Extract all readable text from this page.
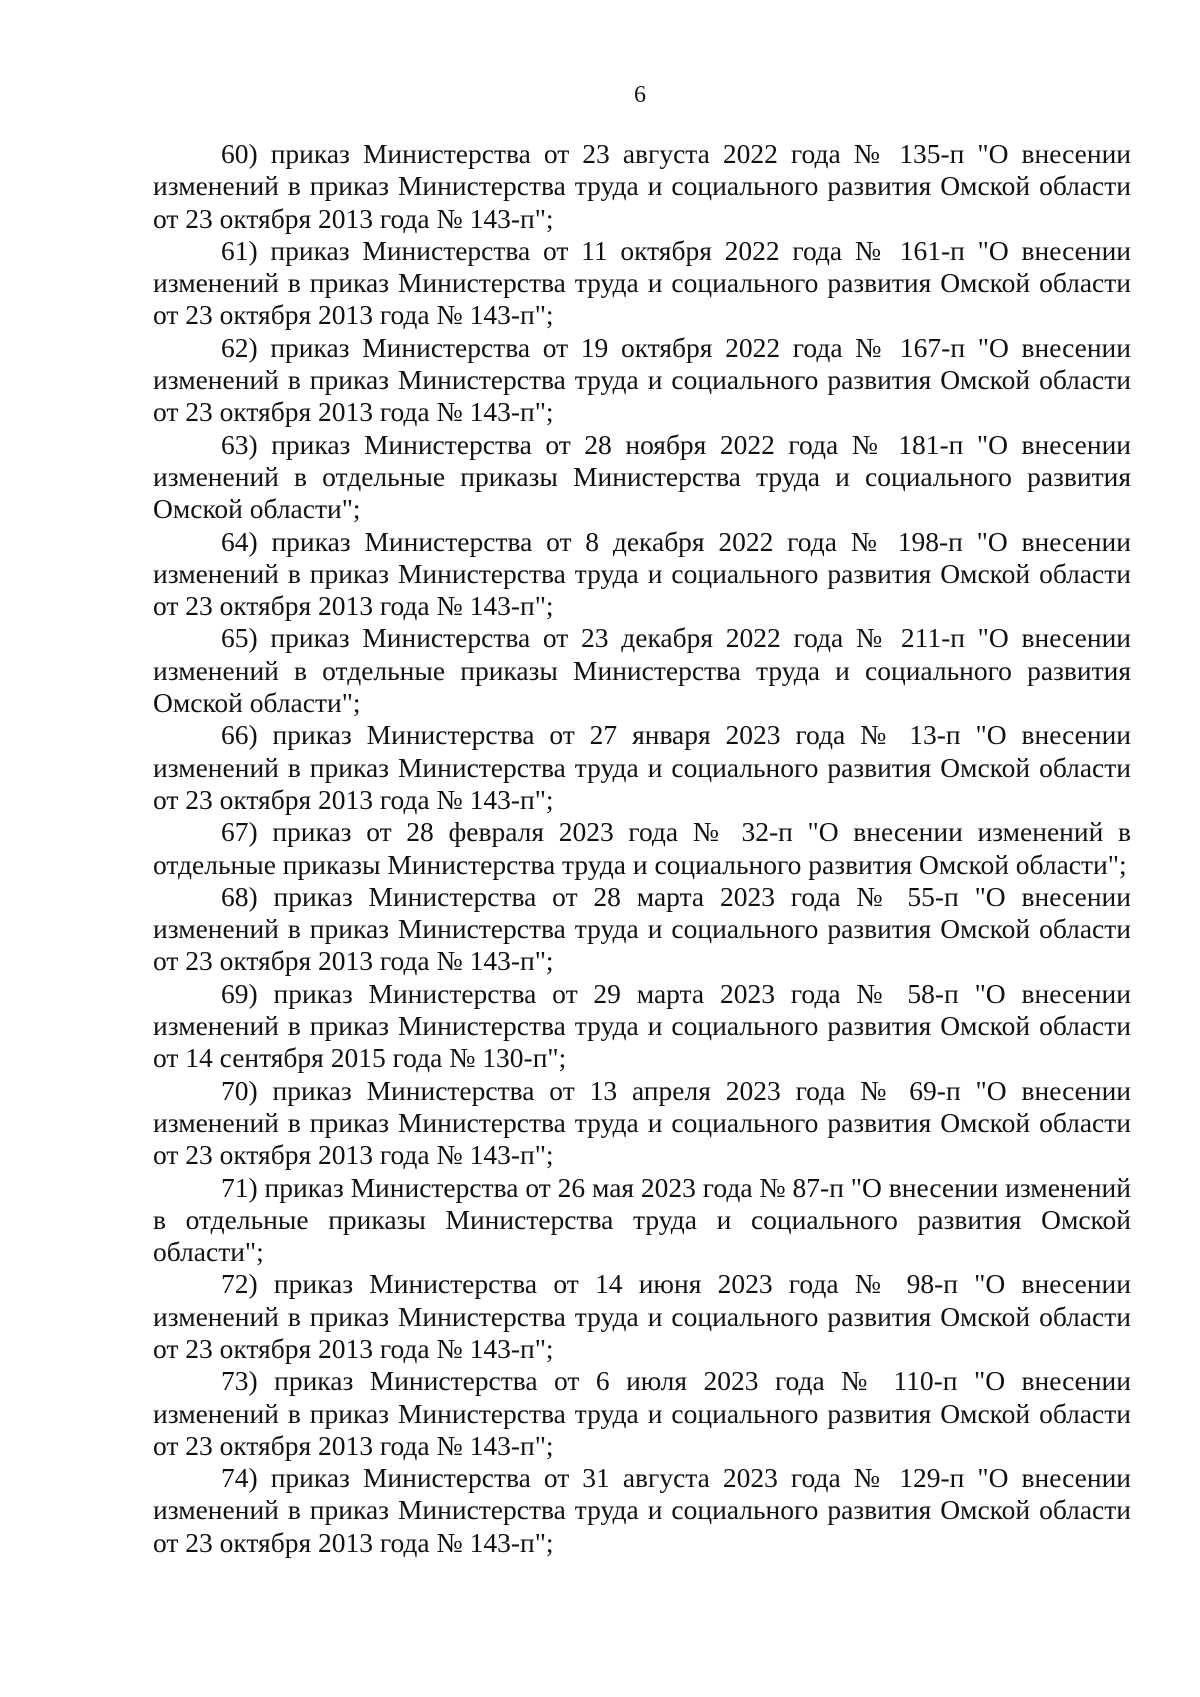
6

60) приказ Министерства от 23 августа 2022 года № 135-п "О внесении изменений в приказ Министерства труда и социального развития Омской области от 23 октября 2013 года № 143-п";

61) приказ Министерства от 11 октября 2022 года № 161-п "О внесении изменений в приказ Министерства труда и социального развития Омской области от 23 октября 2013 года № 143-п";

62) приказ Министерства от 19 октября 2022 года № 167-п "О внесении изменений в приказ Министерства труда и социального развития Омской области от 23 октября 2013 года № 143-п";

63) приказ Министерства от 28 ноября 2022 года № 181-п "О внесении изменений в отдельные приказы Министерства труда и социального развития Омской области";

64) приказ Министерства от 8 декабря 2022 года № 198-п "О внесении изменений в приказ Министерства труда и социального развития Омской области от 23 октября 2013 года № 143-п";

65) приказ Министерства от 23 декабря 2022 года № 211-п "О внесении изменений в отдельные приказы Министерства труда и социального развития Омской области";

66) приказ Министерства от 27 января 2023 года № 13-п "О внесении изменений в приказ Министерства труда и социального развития Омской области от 23 октября 2013 года № 143-п";

67) приказ от 28 февраля 2023 года № 32-п "О внесении изменений в отдельные приказы Министерства труда и социального развития Омской области";

68) приказ Министерства от 28 марта 2023 года № 55-п "О внесении изменений в приказ Министерства труда и социального развития Омской области от 23 октября 2013 года № 143-п";

69) приказ Министерства от 29 марта 2023 года № 58-п "О внесении изменений в приказ Министерства труда и социального развития Омской области от 14 сентября 2015 года № 130-п";

70) приказ Министерства от 13 апреля 2023 года № 69-п "О внесении изменений в приказ Министерства труда и социального развития Омской области от 23 октября 2013 года № 143-п";

71) приказ Министерства от 26 мая 2023 года № 87-п "О внесении изменений в отдельные приказы Министерства труда и социального развития Омской области";

72) приказ Министерства от 14 июня 2023 года № 98-п "О внесении изменений в приказ Министерства труда и социального развития Омской области от 23 октября 2013 года № 143-п";

73) приказ Министерства от 6 июля 2023 года № 110-п "О внесении изменений в приказ Министерства труда и социального развития Омской области от 23 октября 2013 года № 143-п";

74) приказ Министерства от 31 августа 2023 года № 129-п "О внесении изменений в приказ Министерства труда и социального развития Омской области от 23 октября 2013 года № 143-п";
